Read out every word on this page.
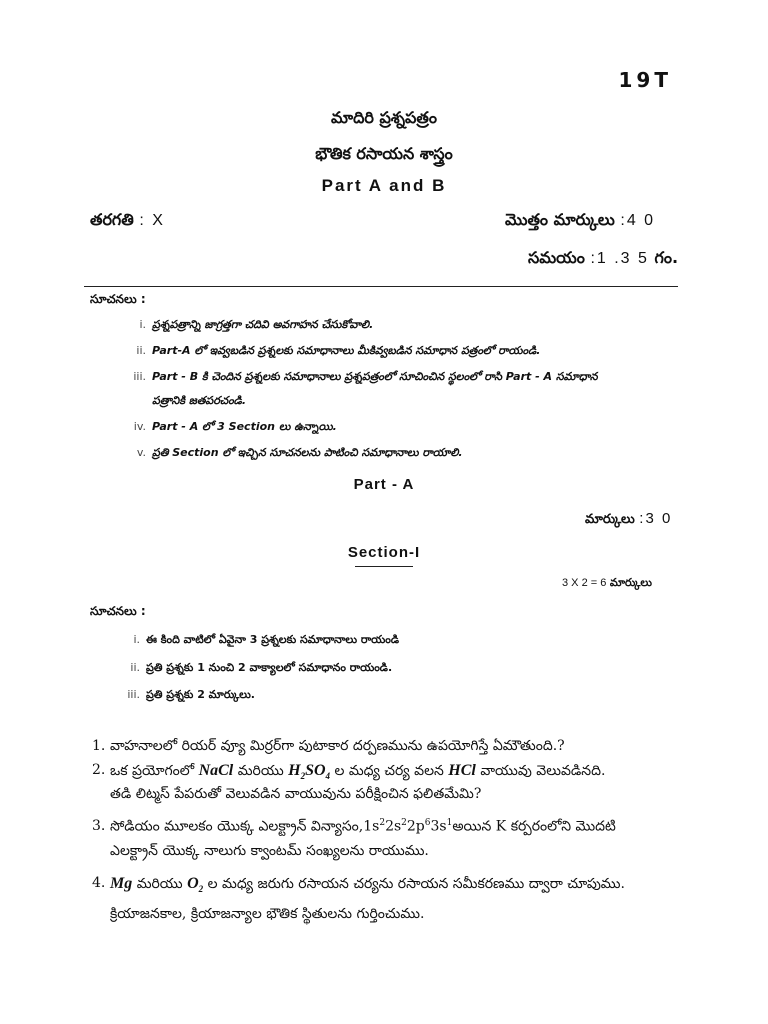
19T
మాదిరి ప్రశ్నపత్రం
భౌతిక రసాయన శాస్త్రం
Part A and B
తరగతి : X	మొత్తం మార్కులు :4 0
సమయం :1 .3 5 గం.
సూచనలు :
i. ప్రశ్నపత్రాన్ని జాగ్రత్తగా చదివి అవగాహన చేసుకోవాలి.
ii. Part-A లో ఇవ్వబడిన ప్రశ్నలకు సమాధానాలు మీకివ్వబడిన సమాధాన పత్రంలో రాయండి.
iii. Part - B కి చెందిన ప్రశ్నలకు సమాధానాలు ప్రశ్నపత్రంలో సూచించిన స్థలంలో రాసి Part - A సమాధాన
పత్రానికి జతపరచండి.
iv. Part - A లో 3 Section లు ఉన్నాయి.
v. ప్రతి Section లో ఇచ్చిన సూచనలను పాటించి సమాధానాలు రాయాలి.
Part - A
మార్కులు :3 0
Section-I
3 X 2 = 6 మార్కులు
సూచనలు :
i. ఈ కింది వాటిలో ఏవైనా 3 ప్రశ్నలకు సమాధానాలు రాయండి
ii. ప్రతి ప్రశ్నకు 1 నుంచి 2 వాక్యాలలో సమాధానం రాయండి.
iii. ప్రతి ప్రశ్నకు 2 మార్కులు.
1. వాహనాలలో రియర్ వ్యూ మిర్రర్‌గా పుటాకార దర్పణమును ఉపయోగిస్తే ఏమౌతుంది.?
2. ఒక ప్రయోగంలో NaCl మరియు $H_2SO_4$ ల మధ్య చర్య వలన HCl వాయువు వెలువడినది.
తడి లిట్మస్ పేపరుతో వెలువడిన వాయువును పరీక్షించిన ఫలితమేమి?
3. సోడియం మూలకం యొక్క ఎలక్ట్రాన్ $విన్యాసం,1s^22s^22p^63s^1అయిన$ K కర్పరంలోని మొదటి
ఎలక్ట్రాన్ యొక్క నాలుగు క్వాంటమ్ సంఖ్యలను రాయుము.
4. Mg మరియు $O_2$ ల మధ్య జరుగు రసాయన చర్యను రసాయన సమీకరణము ద్వారా చూపుము.
క్రియాజనకాల, క్రియాజన్యాల భౌతిక స్థితులను గుర్తించుము.
